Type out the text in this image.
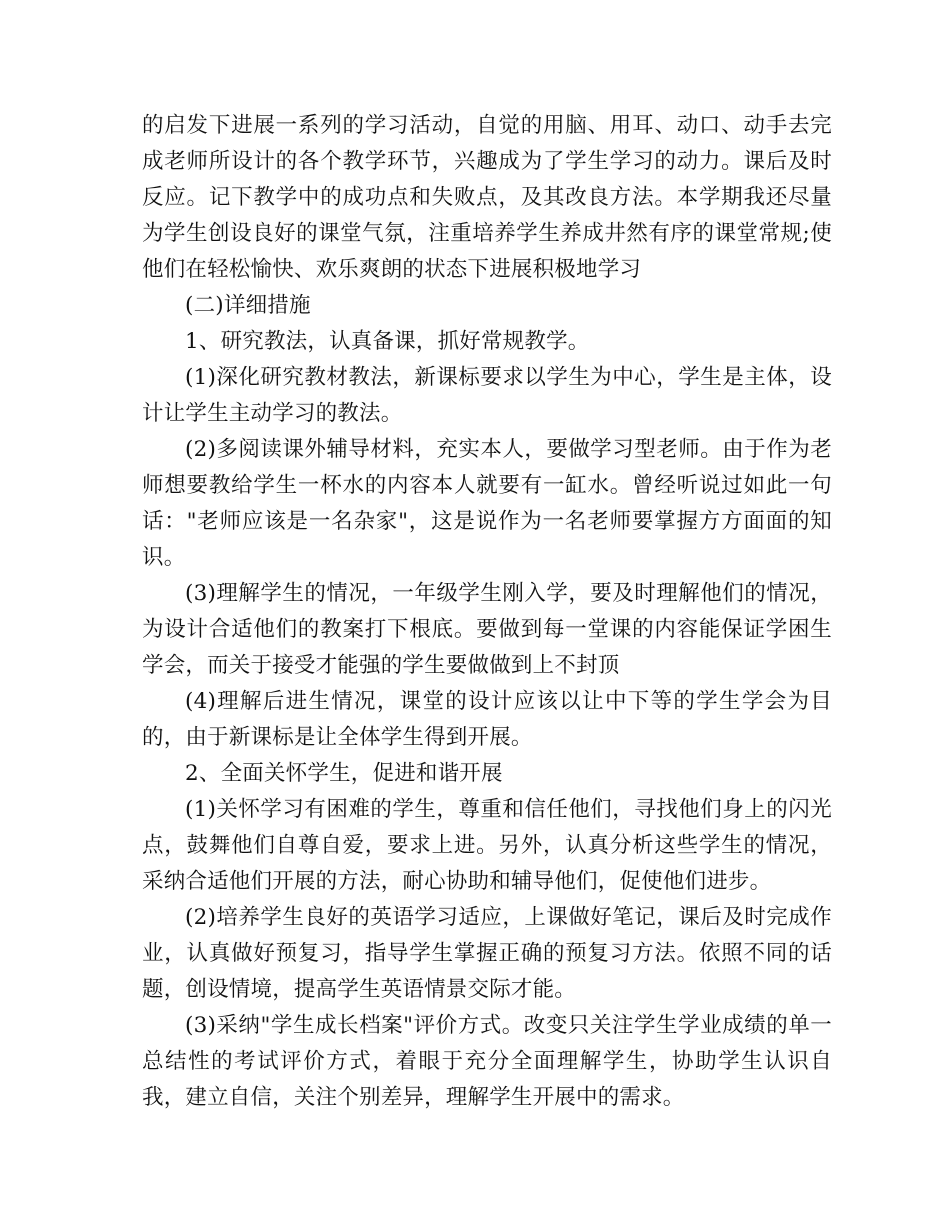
的启发下进展一系列的学习活动，自觉的用脑、用耳、动口、动手去完成老师所设计的各个教学环节，兴趣成为了学生学习的动力。课后及时反应。记下教学中的成功点和失败点，及其改良方法。本学期我还尽量为学生创设良好的课堂气氛，注重培养学生养成井然有序的课堂常规;使他们在轻松愉快、欢乐爽朗的状态下进展积极地学习

(二)详细措施

1、研究教法，认真备课，抓好常规教学。

(1)深化研究教材教法，新课标要求以学生为中心，学生是主体，设计让学生主动学习的教法。

(2)多阅读课外辅导材料，充实本人，要做学习型老师。由于作为老师想要教给学生一杯水的内容本人就要有一缸水。曾经听说过如此一句话："老师应该是一名杂家"，这是说作为一名老师要掌握方方面面的知识。

(3)理解学生的情况，一年级学生刚入学，要及时理解他们的情况，为设计合适他们的教案打下根底。要做到每一堂课的内容能保证学困生学会，而关于接受才能强的学生要做做到上不封顶

(4)理解后进生情况，课堂的设计应该以让中下等的学生学会为目的，由于新课标是让全体学生得到开展。

2、全面关怀学生，促进和谐开展

(1)关怀学习有困难的学生，尊重和信任他们，寻找他们身上的闪光点，鼓舞他们自尊自爱，要求上进。另外，认真分析这些学生的情况，采纳合适他们开展的方法，耐心协助和辅导他们，促使他们进步。

(2)培养学生良好的英语学习适应，上课做好笔记，课后及时完成作业，认真做好预复习，指导学生掌握正确的预复习方法。依照不同的话题，创设情境，提高学生英语情景交际才能。

(3)采纳"学生成长档案"评价方式。改变只关注学生学业成绩的单一总结性的考试评价方式，着眼于充分全面理解学生，协助学生认识自我，建立自信，关注个别差异，理解学生开展中的需求。
